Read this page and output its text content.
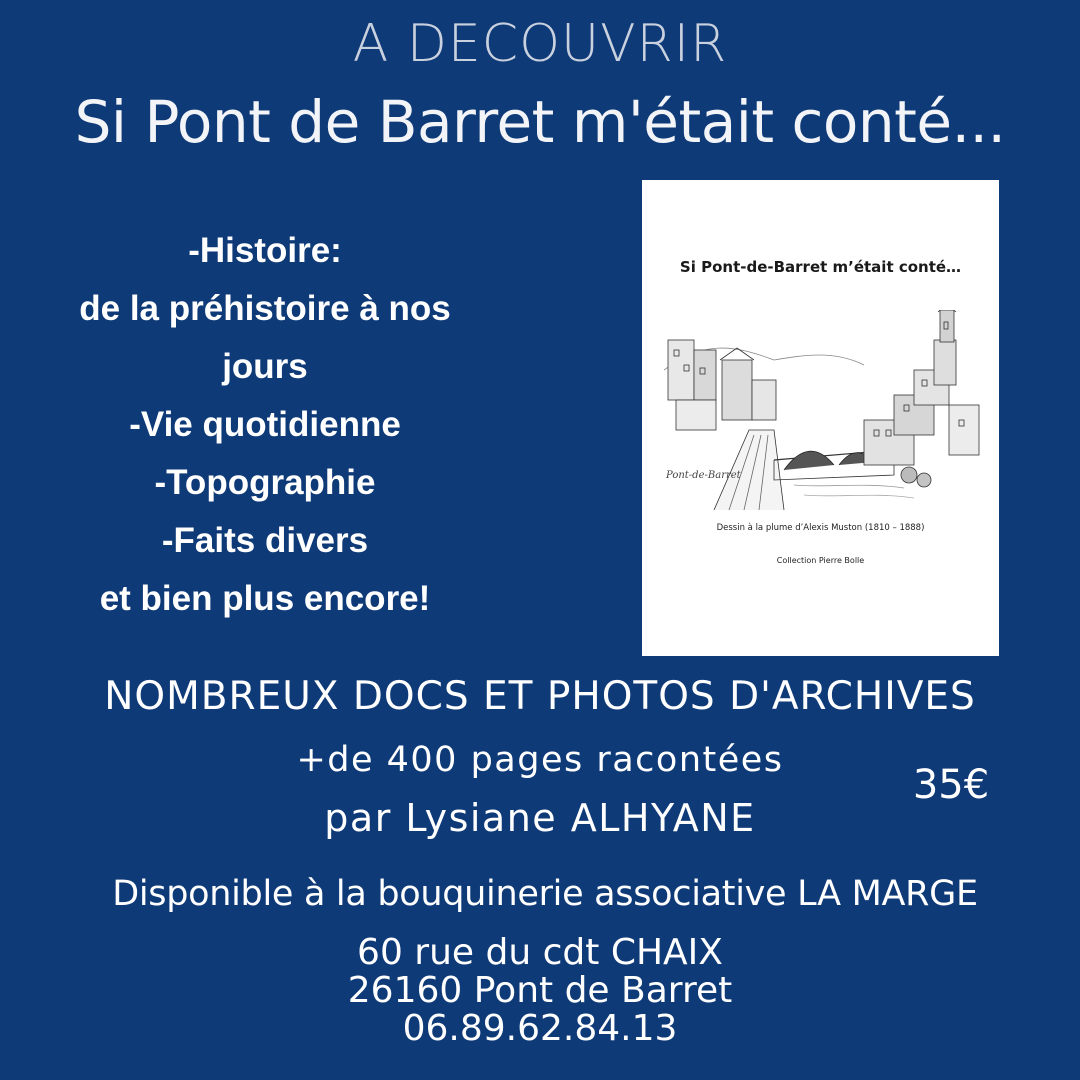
A DECOUVRIR
Si Pont de Barret m'était conté...
-Histoire:
de la préhistoire à nos
jours
-Vie quotidienne
-Topographie
-Faits divers
et bien plus encore!
Si Pont-de-Barret m’était conté…
Pont-de-Barret
Dessin à la plume d’Alexis Muston (1810 – 1888)
Collection Pierre Bolle
NOMBREUX DOCS ET PHOTOS D'ARCHIVES
+de 400 pages racontées
par Lysiane ALHYANE
35€
Disponible à la bouquinerie associative LA MARGE
60 rue du cdt CHAIX
26160 Pont de Barret
06.89.62.84.13
